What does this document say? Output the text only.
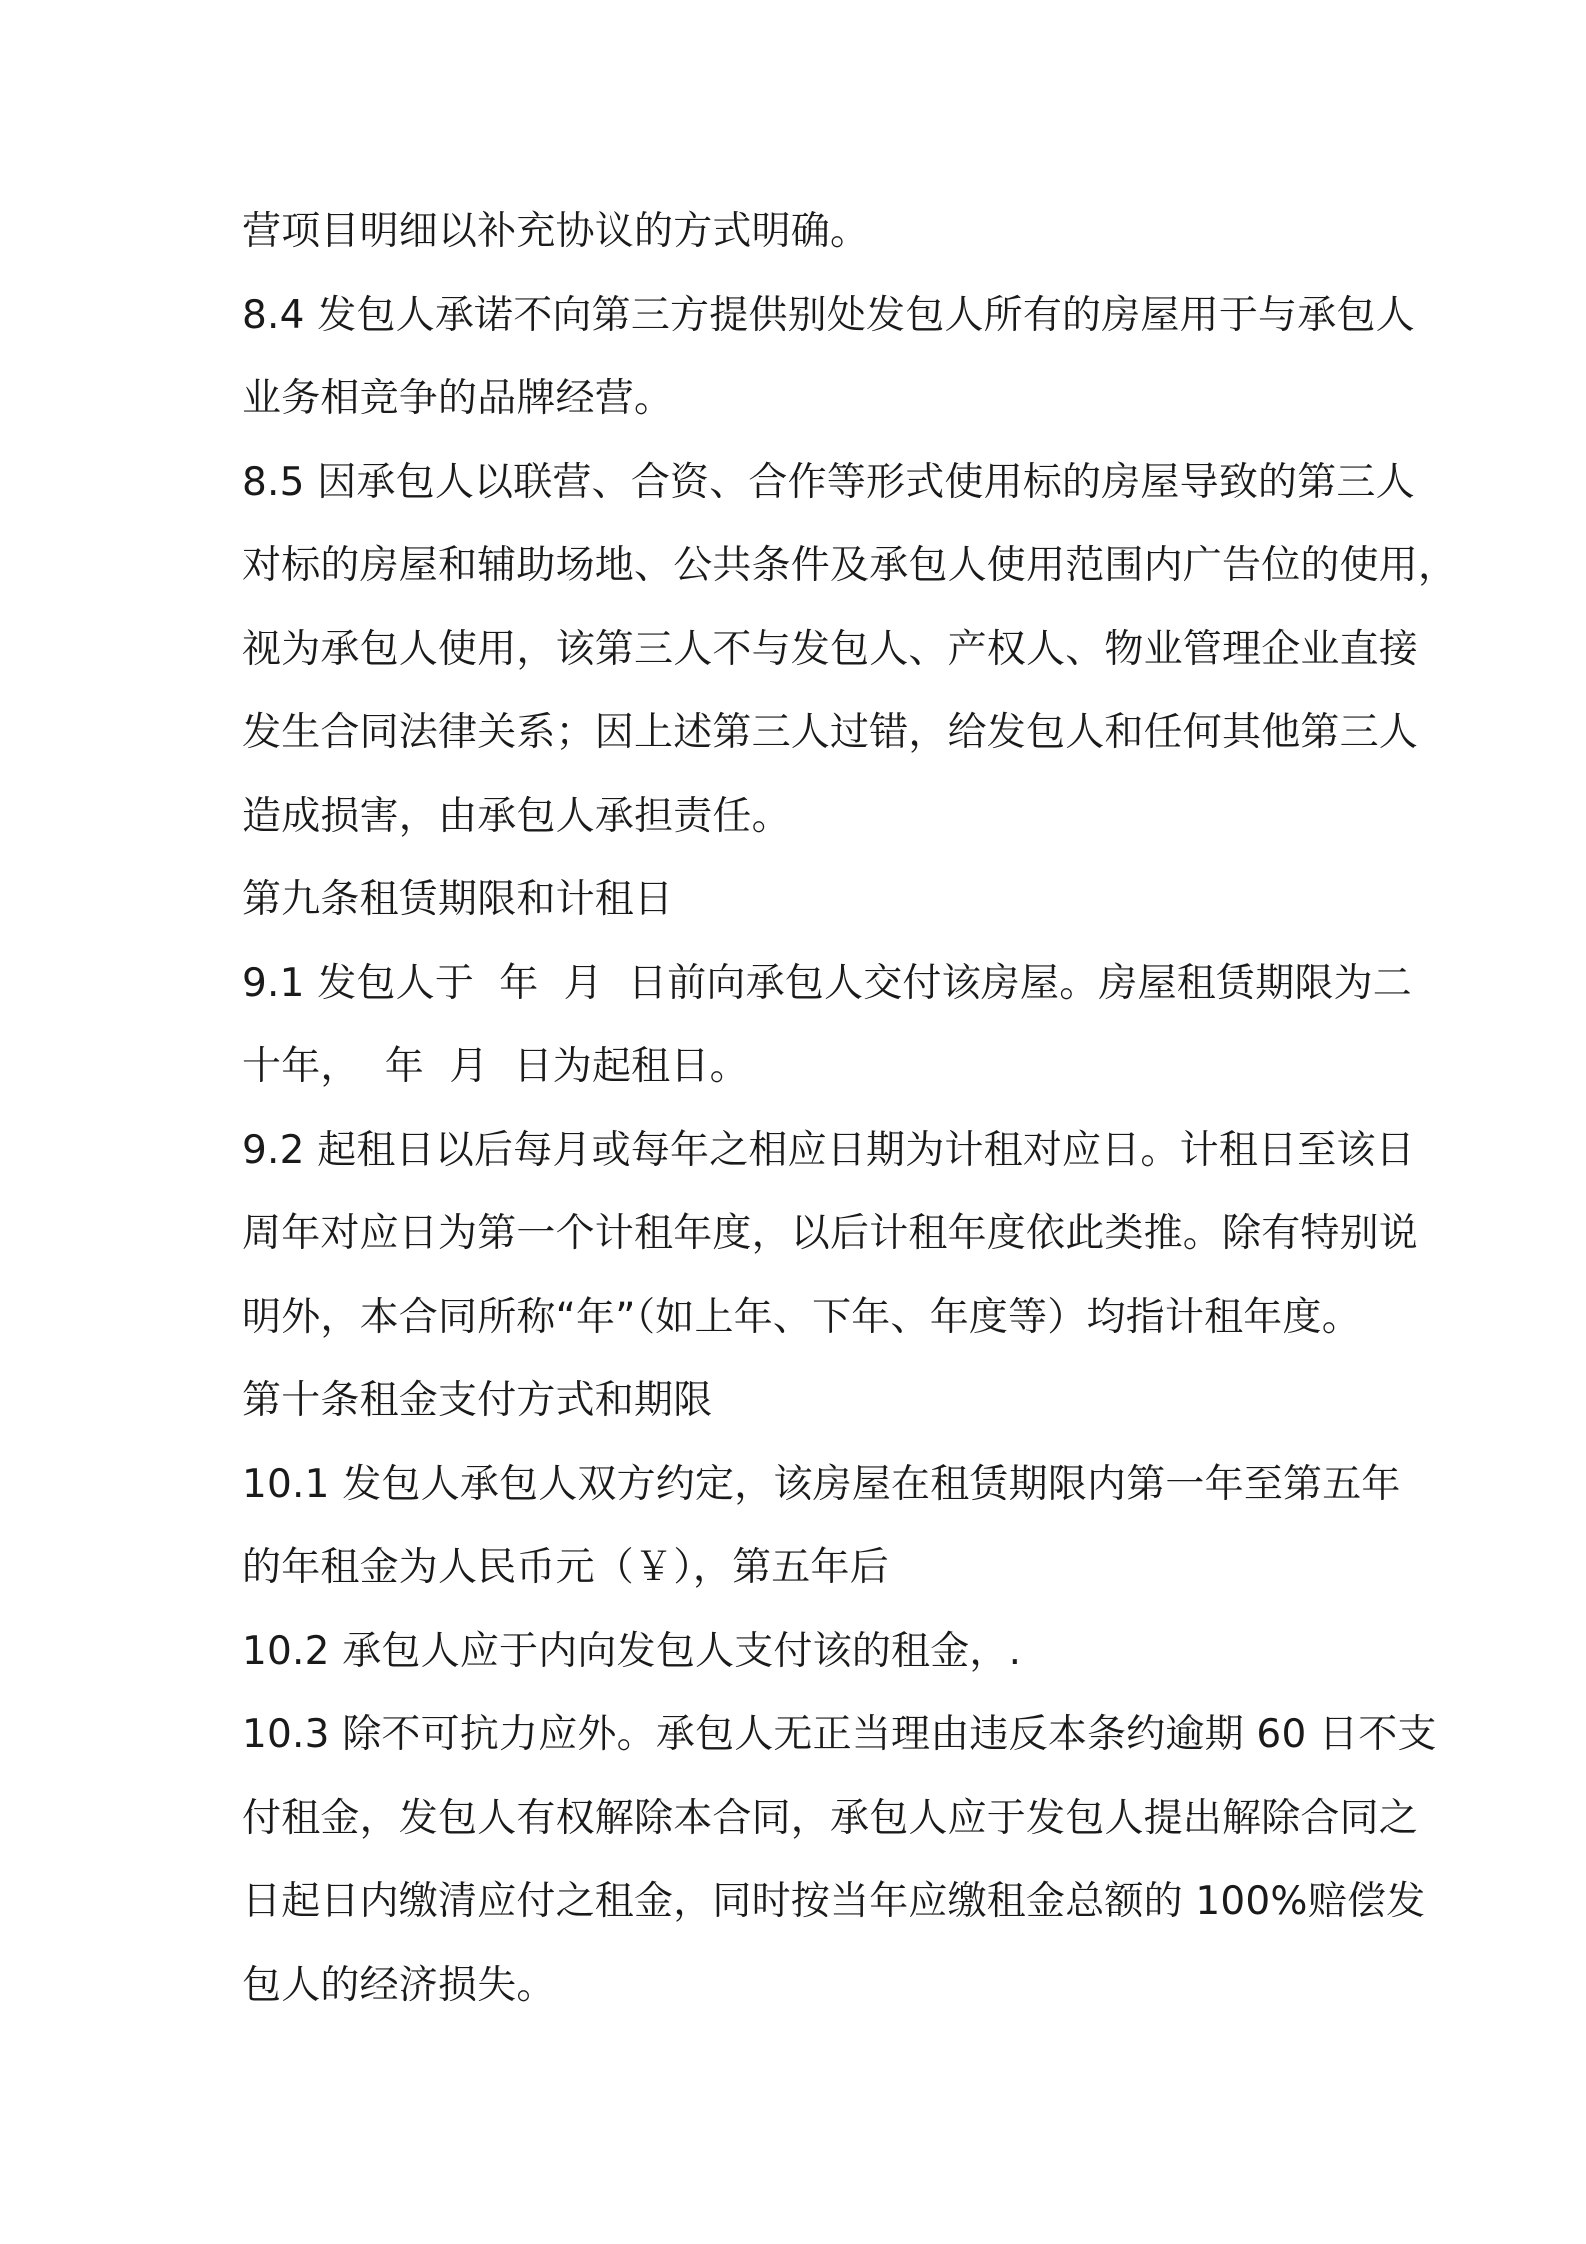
营项目明细以补充协议的方式明确。
8.4 发包人承诺不向第三方提供别处发包人所有的房屋用于与承包人
业务相竞争的品牌经营。
8.5 因承包人以联营、合资、合作等形式使用标的房屋导致的第三人
对标的房屋和辅助场地、公共条件及承包人使用范围内广告位的使用，
视为承包人使用，该第三人不与发包人、产权人、物业管理企业直接
发生合同法律关系；因上述第三人过错，给发包人和任何其他第三人
造成损害，由承包人承担责任。
第九条租赁期限和计租日
9.1 发包人于  年  月  日前向承包人交付该房屋。房屋租赁期限为二
十年，  年  月  日为起租日。
9.2 起租日以后每月或每年之相应日期为计租对应日。计租日至该日
周年对应日为第一个计租年度，以后计租年度依此类推。除有特别说
明外，本合同所称“年”（如上年、下年、年度等）均指计租年度。
第十条租金支付方式和期限
10.1 发包人承包人双方约定，该房屋在租赁期限内第一年至第五年
的年租金为人民币元（￥），第五年后
10.2 承包人应于内向发包人支付该的租金，.
10.3 除不可抗力应外。承包人无正当理由违反本条约逾期 60 日不支
付租金，发包人有权解除本合同，承包人应于发包人提出解除合同之
日起日内缴清应付之租金，同时按当年应缴租金总额的 100%赔偿发
包人的经济损失。
